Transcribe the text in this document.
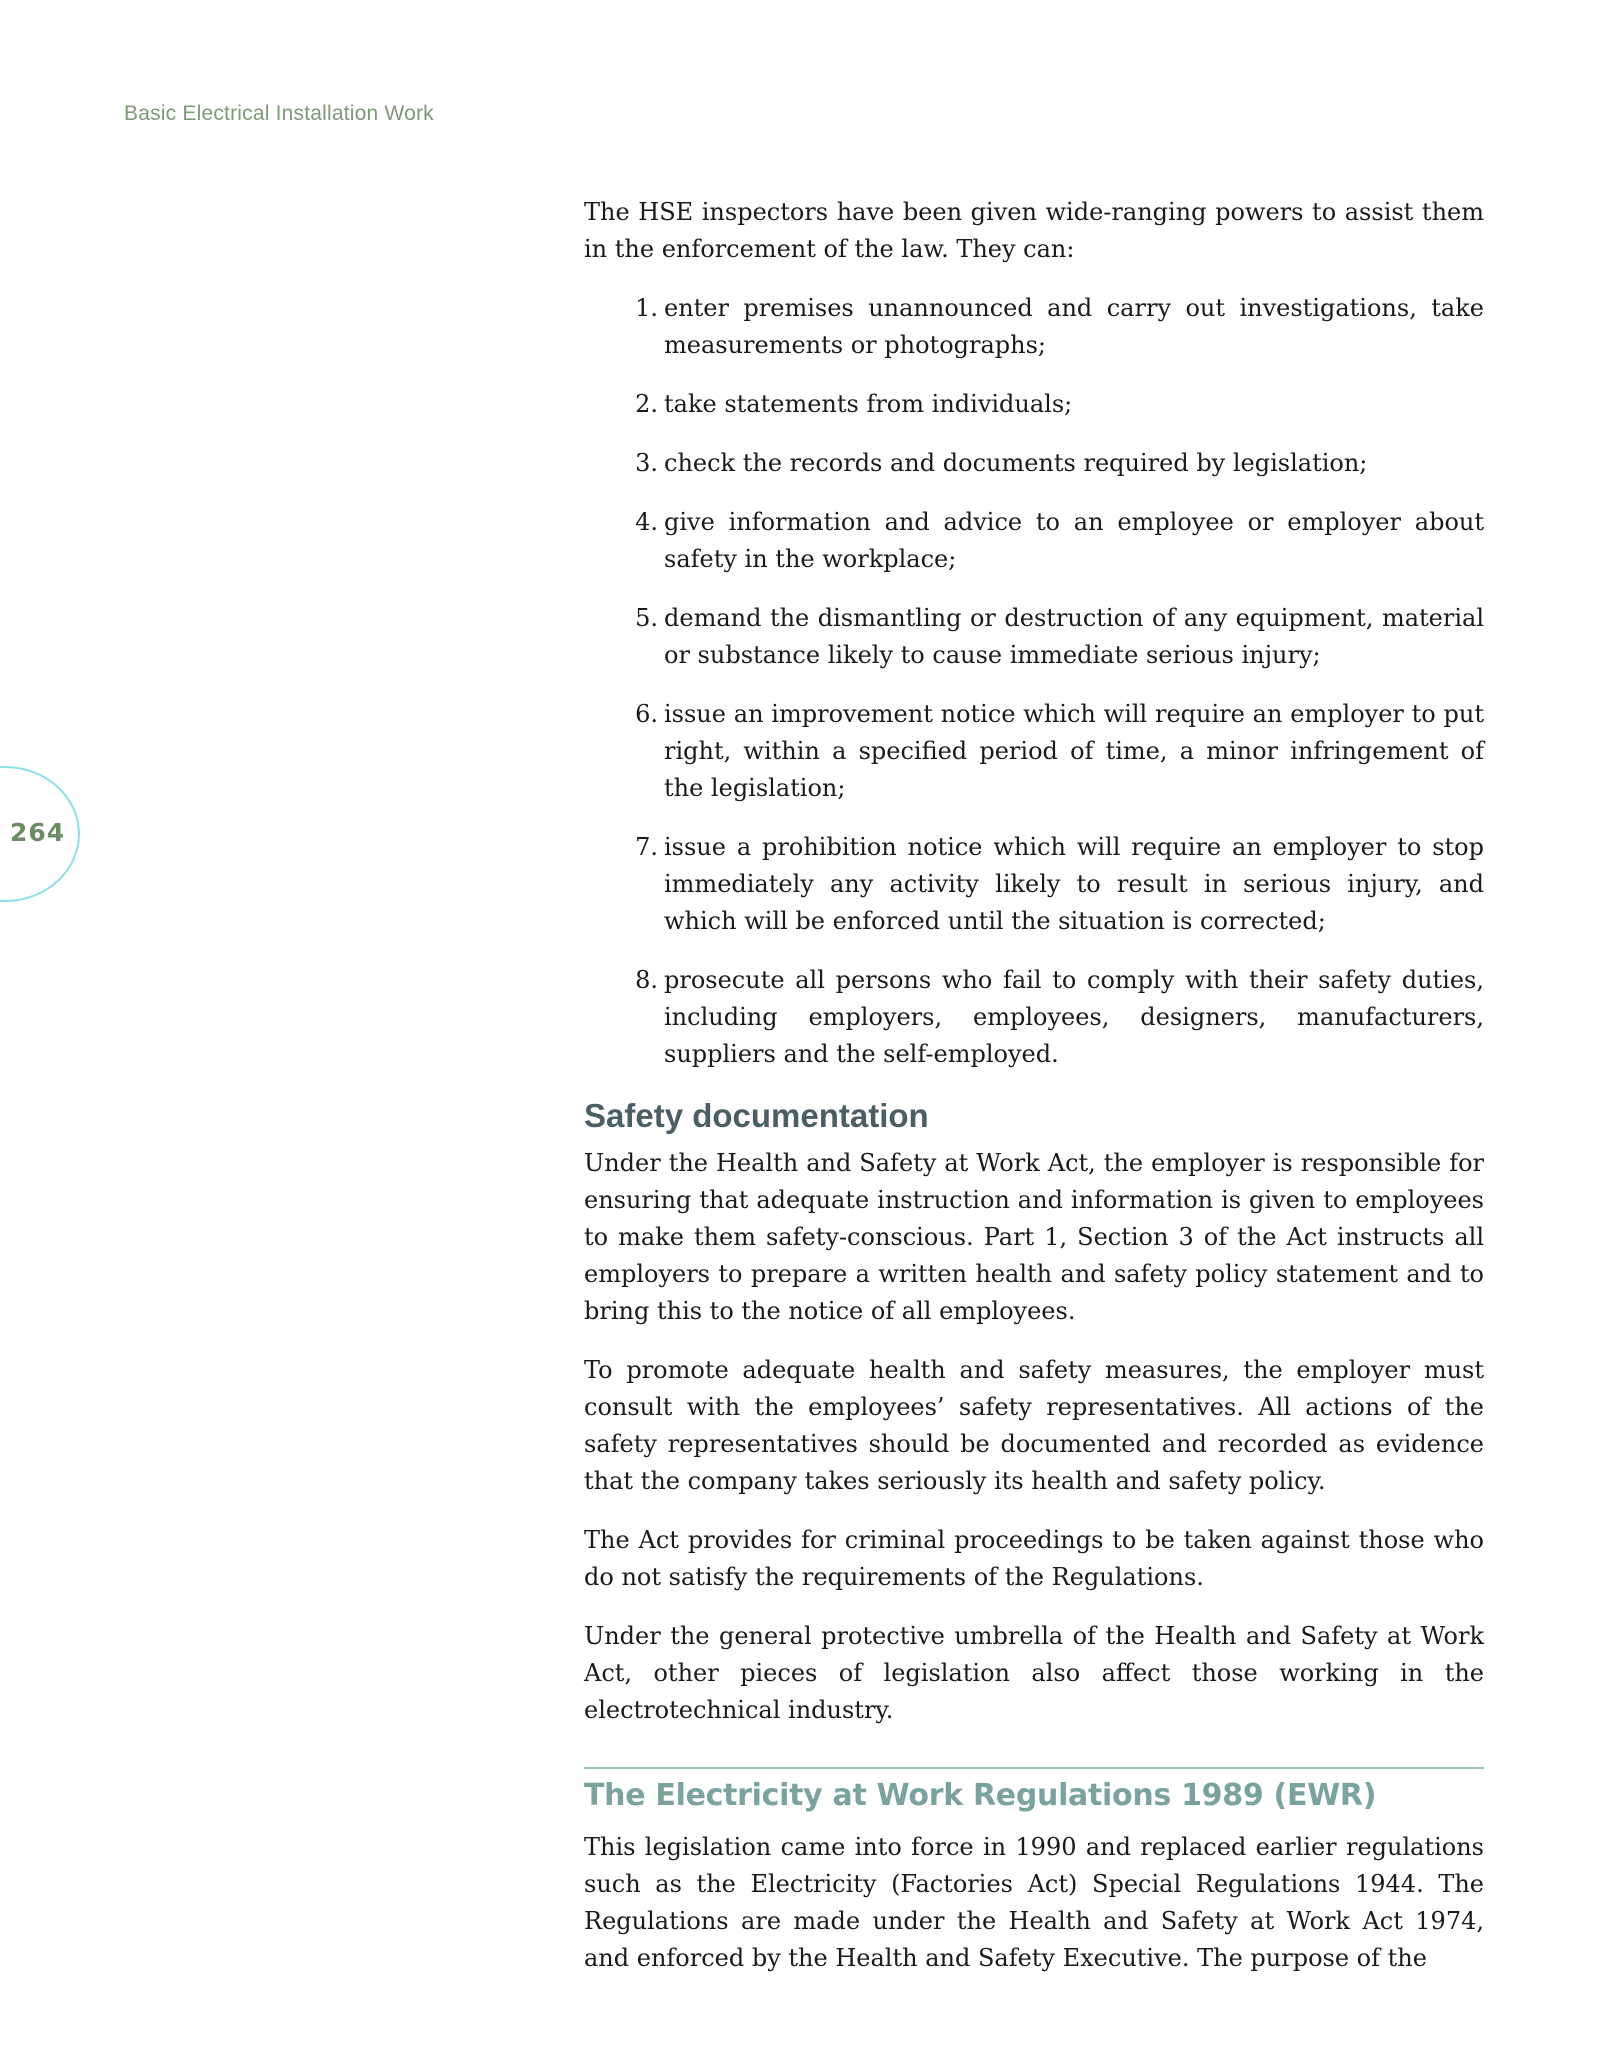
Basic Electrical Installation Work
264

The HSE inspectors have been given wide-ranging powers to assist them in the enforcement of the law. They can:

1. enter premises unannounced and carry out investigations, take measurements or photographs;
2. take statements from individuals;
3. check the records and documents required by legislation;
4. give information and advice to an employee or employer about safety in the workplace;
5. demand the dismantling or destruction of any equipment, material or substance likely to cause immediate serious injury;
6. issue an improvement notice which will require an employer to put right, within a specified period of time, a minor infringement of the legislation;
7. issue a prohibition notice which will require an employer to stop immediately any activity likely to result in serious injury, and which will be enforced until the situation is corrected;
8. prosecute all persons who fail to comply with their safety duties, including employers, employees, designers, manufacturers, suppliers and the self-employed.
Safety documentation

Under the Health and Safety at Work Act, the employer is responsible for ensuring that adequate instruction and information is given to employees to make them safety-conscious. Part 1, Section 3 of the Act instructs all employers to prepare a written health and safety policy statement and to bring this to the notice of all employees.

To promote adequate health and safety measures, the employer must consult with the employees’ safety representatives. All actions of the safety representatives should be documented and recorded as evidence that the company takes seriously its health and safety policy.

The Act provides for criminal proceedings to be taken against those who do not satisfy the requirements of the Regulations.

Under the general protective umbrella of the Health and Safety at Work Act, other pieces of legislation also affect those working in the electrotechnical industry.

The Electricity at Work Regulations 1989 (EWR)

This legislation came into force in 1990 and replaced earlier regulations such as the Electricity (Factories Act) Special Regulations 1944. The Regulations are made under the Health and Safety at Work Act 1974, and enforced by the Health and Safety Executive. The purpose of the
